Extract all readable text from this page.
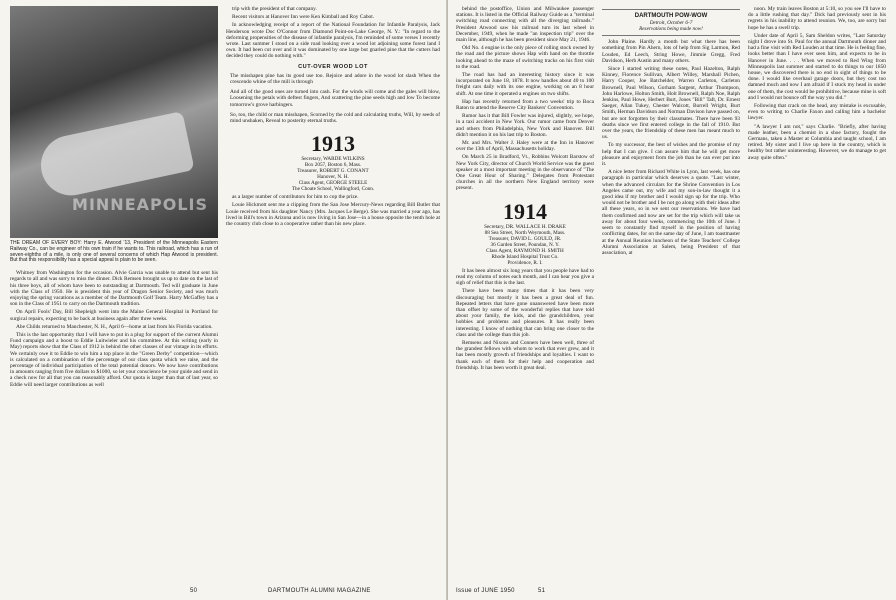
MINNEAPOLIS
THE DREAM OF EVERY BOY: Harry E. Atwood '13, President of the Minneapolis Eastern Railway Co., can be engineer of his own train if he wants to. This railroad, which has a run of seven-eighths of a mile, is only one of several concerns of which Hap Atwood is president. But that this responsibility has a special appeal is plain to be seen.

Whitney from Washington for the occasion. Alvie Garcia was unable to attend but sent his regards to all and was sorry to miss the dinner. Dick Remsen brought us up to date on the last of his three boys, all of whom have been to outstanding at Dartmouth. Ted will graduate in June with the Class of 1950. He is president this year of Dragon Senior Society, and was much enjoying the spring vacations as a member of the Dartmouth Golf Team. Harry McGaffey has a son in the Class of 1951 to carry on the Dartmouth tradition.

On April Fools' Day, Bill Shepleigh went into the Maine General Hospital in Portland for surgical repairs, expecting to be back at business again after three weeks.

Abe Childs returned to Manchester, N. H., April 6—home at last from his Florida vacation.

This is the last opportunity that I will have to put in a plug for support of the current Alumni Fund campaign and a boost to Eddie Luitwieler and his committee. At this writing (early in May) reports show that the Class of 1912 is behind the other classes of our vintage in its efforts. We certainly owe it to Eddie to win him a top place in the "Green Derby" competition—which is calculated on a combination of the percentage of our class quota which we raise, and the percentage of individual participation of the total potential donors. We now have contributions in amounts ranging from five dollars to $1000, so let your conscience be your guide and send in a check now for all that you can reasonably afford. Our quota is larger than that of last year, so Eddie will need larger contributions as well

trip with the president of that company.

Recent visitors at Hanover Inn were Ken Kimball and Roy Cabot.

In acknowledging receipt of a report of the National Foundation for Infantile Paralysis, Jack Henderson wrote Doc O'Connor from Diamond Point-on-Lake George, N. Y.: "In regard to the deforming propensities of the disease of infantile paralysis, I'm reminded of some verses I recently wrote. Last summer I stood on a side road looking over a wood lot adjoining some forest land I own. It had been cut over and it was dominated by one large but gnarled pine that the cutters had decided they could do nothing with."

CUT-OVER WOOD LOT
The misshapen pine has its good use too. Rejoice and adore in the wood lot slash When the crescendo whine of the mill is through
And all of the good ones are turned into cash. For the winds will come and the gales will blow, Loosening the petals with deftest fingers, And scattering the pine seeds high and low To become tomorrow's grove harbingers.
So, too, the child or man misshapen, Scorned by the cold and calculating truths, Will, by seeds of mind unshaken, Reveal to posterity eternal truths.
1913
Secretary, WARDE WILKINS
Box 2057, Boston 6, Mass.
Treasurer, ROBERT G. CONANT
Hanover, N. H.
Class Agent, GEORGE STEELE
The Choate School, Wallingford, Conn.

as a larger number of contributors for him to cop the prize.

Louie Hickmott sent me a clipping from the San Jose Mercury-News regarding Bill Butler that Louie received from his daughter Nancy (Mrs. Jacques Le Berge). She was married a year ago, has lived in Bill's town in Arizona and is now living in San Jose—in a house opposite the tenth hole at the country club close to a cooperative rather than his new place.

50	DARTMOUTH ALUMNI MAGAZINE

behind the postoffice, Union and Milwaukee passenger stations. It is listed in the Official Railway Guide as a "terminal switching road connecting with all the diverging railroads." President Atwood saw his railroad turn its last wheel in December, 1949, when he made "an inspection trip" over the main line, although he has been president since May 21, 1946.

Old No. 4 engine is the only piece of rolling stock owned by the road and the picture shows Hap with hand on the throttle looking ahead to the maze of switching tracks on his first visit to the road.

The road has had an interesting history since it was incorporated on June 18, 1878. It now handles about 40 to 100 freight cars daily with its one engine, working on an 8 hour shift. At one time it operated a engines on two shifts.

Hap has recently returned from a two weeks' trip to Boca Raton to attend the Reserve City Bankers' Convention.

Rumor has it that Bill Fowler was injured, slightly, we hope, in a taxi accident in New York. Our rumor came from Denver and others from Philadelphia, New York and Hanover. Bill didn't mention it on his last trip to Boston.

Mr. and Mrs. Walter J. Haley were at the Inn in Hanover over the 13th of April, Massachusetts holiday.

On March 25 in Bradford, Vt., Robbins Wolcott Barstow of New York City, director of Church World Service was the guest speaker at a most important meeting in the observance of "The One Great Hour of Sharing." Delegates from Protestant churches in all the northern New England territory were present.

1914
Secretary, DR. WALLACE H. DRAKE
88 Sea Street, North Weymouth, Mass.
Treasurer, DAVID L. GOULD, JR.
36 Garden Street, Poundan, N. Y.
Class Agent, RAYMOND H. SMITH
Rhode Island Hospital Trust Co.
Providence, R. I.

It has been almost six long years that you people have had to read my column of notes each month, and I can hear you give a sigh of relief that this is the last.

There have been many times that it has been very discouraging but mostly it has been a great deal of fun. Repeated letters that have gone unanswered have been more than offset by some of the wonderful replies that have told about your family, the kids, and the grandchildren, your hobbies and problems and pleasures. It has really been interesting. I know of nothing that can bring one closer to the class and the college than this job.

Remsens and Nixons and Conners have been well, three of the grandest fellows with whom to work that ever grew, and it has been mostly growth of friendships and loyalties. I want to thank each of them for their help and cooperation and friendship. It has been worth it great deal.

DARTMOUTH POW-WOW
Detroit, October 6-7
Reservations being made now!

John Plaine. Hardly a month but what there has been something from Pin Ahern, lots of help from Sig Larmon, Red Louden, Ed Leech, String Howe, Jimmie Gregg, Fred Davidson, Herb Austin and many others.

Since I started writing these notes, Paul Hazelton, Ralph Kinney, Florence Sullivan, Albert Willey, Marshall Pichen, Harry Cooper, Joe Batchelder, Warren Carleton, Carleton Brownell, Paul Wilson, Gorham Sargent, Arthur Thompson, John Harlowe, Holton Smith, Holt Brownell, Ralph Noe, Ralph Jenkins, Paul Howe, Herbert Burt, Jones "Bill" Taft, Dr. Ernest Saeger, Allan Tukey, Chester Walcott, Burrell Wright, Burt Smith, Herman Davidson and Norman Davison have passed on, but are not forgotten by their classmates. There have been 93 deaths since we first entered college in the fall of 1910. But over the years, the friendship of these men has meant much to us.

To my successor, the best of wishes and the promise of my help that I can give. I can assure him that he will get more pleasure and enjoyment from the job than he can ever put into it.

A nice letter from Richard White in Lynn, last week, has one paragraph in particular which deserves a quote. "Last winter, when the advanced circulars for the Shrine Convention in Los Angeles came out, my wife and my son-in-law thought it a good idea if my brother and I would sign up for the trip. Who would not be brother and I be not go along with their ideas after all these years, so in we sent our reservations. We have had them confirmed and now are set for the trip which will take us away for about four weeks, commencing the 10th of June. I seem to constantly find myself in the position of having conflicting dates, for on the same day of June, I am toastmaster at the Annual Reunion luncheon of the State Teachers' College Alumni Association at Salem, being President of that association, at

noon. My train leaves Boston at 5:10, so you see I'll have to do a little rushing that day." Dick had previously sent in his regrets in his inability to attend reunion. We, too, are sorry but hope he has a swell trip.

Under date of April 5, Sam Sheldon writes, "Last Saturday night I drove into St. Paul for the annual Dartmouth dinner and had a fine visit with Red Louden at that time. He is feeling fine, looks better than I have ever seen him, and expects to be in Hanover in June. . . . When we moved to Red Wing from Minneapolis last summer and started to do things to our 1850 house, we discovered there is no end in sight of things to be done. I would like overhaul garage doors, but they cost too damned much and now I am afraid if I stuck my head in under one of them, the cost would be prohibitive, because mine is soft and I would not bounce off the way you did."

Following that crack on the head, any mistake is excusable, even to writing to Charlie Faxon and calling him a bachelor lawyer.

"A lawyer I am not," says Charlie. "Briefly, after having made leather, been a chemist in a shoe factory, fought the Germans, taken a Master at Columbia and taught school, I am retired. My sister and I live up here in the country, which is healthy but rather uninteresting. However, we do manage to get away quite often."

Issue of JUNE 1950	51
